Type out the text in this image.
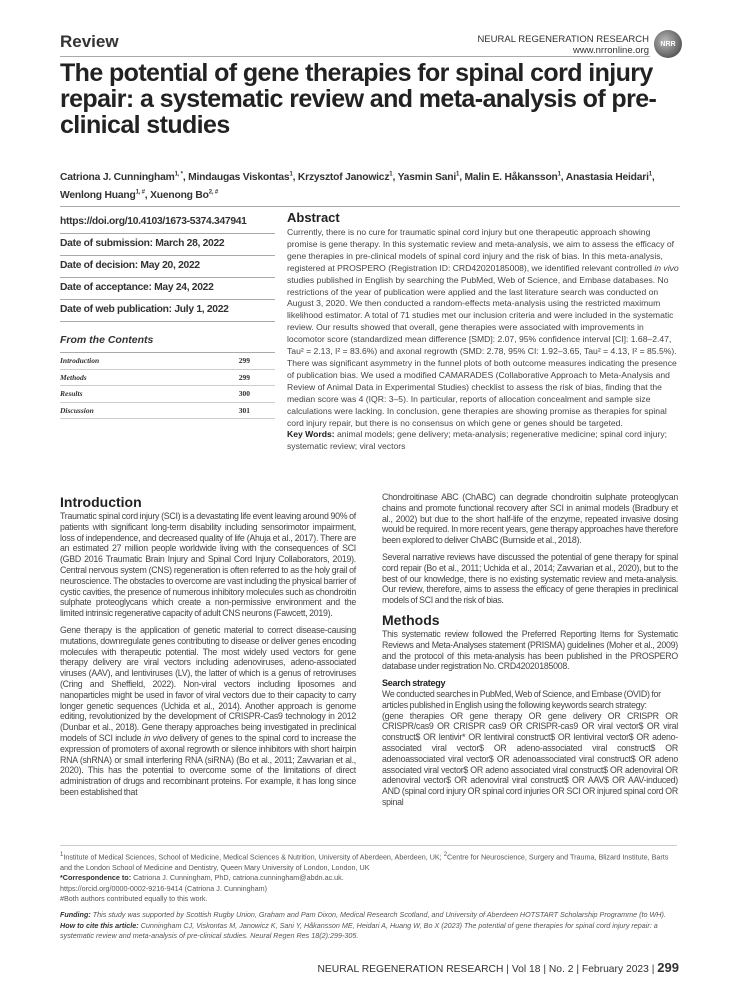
Review	NEURAL REGENERATION RESEARCH
www.nrronline.org
NRR
The potential of gene therapies for spinal cord injury repair: a systematic review and meta-analysis of pre-clinical studies
Catriona J. Cunningham$^{1, *}$, Mindaugas Viskontas$^1$, Krzysztof Janowicz$^1$, Yasmin Sani$^1$, Malin E. Håkansson$^1$, Anastasia Heidari$^1$, Wenlong Huang$^{1, \#}$, Xuenong $Bo^{2, \#}$
https://doi.org/10.4103/1673-5374.347941
Date of submission: March 28, 2022
Date of decision: May 20, 2022
Date of acceptance: May 24, 2022
Date of web publication: July 1, 2022
From the Contents
Introduction	299
Methods	299
Results	300
Discussion	301
Abstract

Currently, there is no cure for traumatic spinal cord injury but one therapeutic approach showing promise is gene therapy. In this systematic review and meta-analysis, we aim to assess the efficacy of gene therapies in pre-clinical models of spinal cord injury and the risk of bias. In this meta-analysis, registered at PROSPERO (Registration ID: CRD42020185008), we identified relevant controlled in vivo studies published in English by searching the PubMed, Web of Science, and Embase databases. No restrictions of the year of publication were applied and the last literature search was conducted on August 3, 2020. We then conducted a random-effects meta-analysis using the restricted maximum likelihood estimator. A total of 71 studies met our inclusion criteria and were included in the systematic review. Our results showed that overall, gene therapies were associated with improvements in locomotor score (standardized mean difference [SMD]: 2.07, 95% confidence interval [CI]: 1.68–2.47, Tau² = 2.13, I² = 83.6%) and axonal regrowth (SMD: 2.78, 95% CI: 1.92–3.65, Tau² = 4.13, I² = 85.5%). There was significant asymmetry in the funnel plots of both outcome measures indicating the presence of publication bias. We used a modified CAMARADES (Collaborative Approach to Meta-Analysis and Review of Animal Data in Experimental Studies) checklist to assess the risk of bias, finding that the median score was 4 (IQR: 3–5). In particular, reports of allocation concealment and sample size calculations were lacking. In conclusion, gene therapies are showing promise as therapies for spinal cord injury repair, but there is no consensus on which gene or genes should be targeted.

Key Words: animal models; gene delivery; meta-analysis; regenerative medicine; spinal cord injury; systematic review; viral vectors

Introduction

Traumatic spinal cord injury (SCI) is a devastating life event leaving around 90% of patients with significant long-term disability including sensorimotor impairment, loss of independence, and decreased quality of life (Ahuja et al., 2017). There are an estimated 27 million people worldwide living with the consequences of SCI (GBD 2016 Traumatic Brain Injury and Spinal Cord Injury Collaborators, 2019). Central nervous system (CNS) regeneration is often referred to as the holy grail of neuroscience. The obstacles to overcome are vast including the physical barrier of cystic cavities, the presence of numerous inhibitory molecules such as chondroitin sulphate proteoglycans which create a non-permissive environment and the limited intrinsic regenerative capacity of adult CNS neurons (Fawcett, 2019).

Gene therapy is the application of genetic material to correct disease-causing mutations, downregulate genes contributing to disease or deliver genes encoding molecules with therapeutic potential. The most widely used vectors for gene therapy delivery are viral vectors including adenoviruses, adeno-associated viruses (AAV), and lentiviruses (LV), the latter of which is a genus of retroviruses (Cring and Sheffield, 2022). Non-viral vectors including liposomes and nanoparticles might be used in favor of viral vectors due to their capacity to carry longer genetic sequences (Uchida et al., 2014). Another approach is genome editing, revolutionized by the development of CRISPR-Cas9 technology in 2012 (Dunbar et al., 2018). Gene therapy approaches being investigated in preclinical models of SCI include in vivo delivery of genes to the spinal cord to increase the expression of promoters of axonal regrowth or silence inhibitors with short hairpin RNA (shRNA) or small interfering RNA (siRNA) (Bo et al., 2011; Zavvarian et al., 2020). This has the potential to overcome some of the limitations of direct administration of drugs and recombinant proteins. For example, it has long since been established that

Chondroitinase ABC (ChABC) can degrade chondroitin sulphate proteoglycan chains and promote functional recovery after SCI in animal models (Bradbury et al., 2002) but due to the short half-life of the enzyme, repeated invasive dosing would be required. In more recent years, gene therapy approaches have therefore been explored to deliver ChABC (Burnside et al., 2018).

Several narrative reviews have discussed the potential of gene therapy for spinal cord repair (Bo et al., 2011; Uchida et al., 2014; Zavvarian et al., 2020), but to the best of our knowledge, there is no existing systematic review and meta-analysis. Our review, therefore, aims to assess the efficacy of gene therapies in preclinical models of SCI and the risk of bias.

Methods

This systematic review followed the Preferred Reporting Items for Systematic Reviews and Meta-Analyses statement (PRISMA) guidelines (Moher et al., 2009) and the protocol of this meta-analysis has been published in the PROSPERO database under registration No. CRD42020185008.

Search strategy
We conducted searches in PubMed, Web of Science, and Embase (OVID) for articles published in English using the following keywords search strategy:
(gene therapies OR gene therapy OR gene delivery OR CRISPR OR CRISPR/cas9 OR CRISPR cas9 OR CRISPR-cas9 OR viral vector$ OR viral construct$ OR lentivir* OR lentiviral construct$ OR lentiviral vector$ OR adeno-associated viral vector$ OR adeno-associated viral construct$ OR adenoassociated viral vector$ OR adenoassociated viral construct$ OR adeno associated viral vector$ OR adeno associated viral construct$ OR adenoviral OR adenoviral vector$ OR adenoviral viral construct$ OR AAV$ OR AAV-induced) AND (spinal cord injury OR spinal cord injuries OR SCI OR injured spinal cord OR spinal
$^1$Institute of Medical Sciences, School of Medicine, Medical Sciences & Nutrition, University of Aberdeen, Aberdeen, UK; $^2$Centre for Neuroscience, Surgery and Trauma, Blizard Institute, Barts and the London School of Medicine and Dentistry, Queen Mary University of London, London, UK
*Correspondence to: Catriona J. Cunningham, PhD, catriona.cunningham@abdn.ac.uk.
https://orcid.org/0000-0002-9216-9414 (Catriona J. Cunningham)
#Both authors contributed equally to this work.
Funding: This study was supported by Scottish Rugby Union, Graham and Pam Dixon, Medical Research Scotland, and University of Aberdeen HOTSTART Scholarship Programme (to WH).
How to cite this article: Cunningham CJ, Viskontas M, Janowicz K, Sani Y, Håkansson ME, Heidari A, Huang W, Bo X (2023) The potential of gene therapies for spinal cord injury repair: a systematic review and meta-analysis of pre-clinical studies. Neural Regen Res 18(2):299-305.
NEURAL REGENERATION RESEARCH | Vol 18 | No. 2 | February 2023 | 299
